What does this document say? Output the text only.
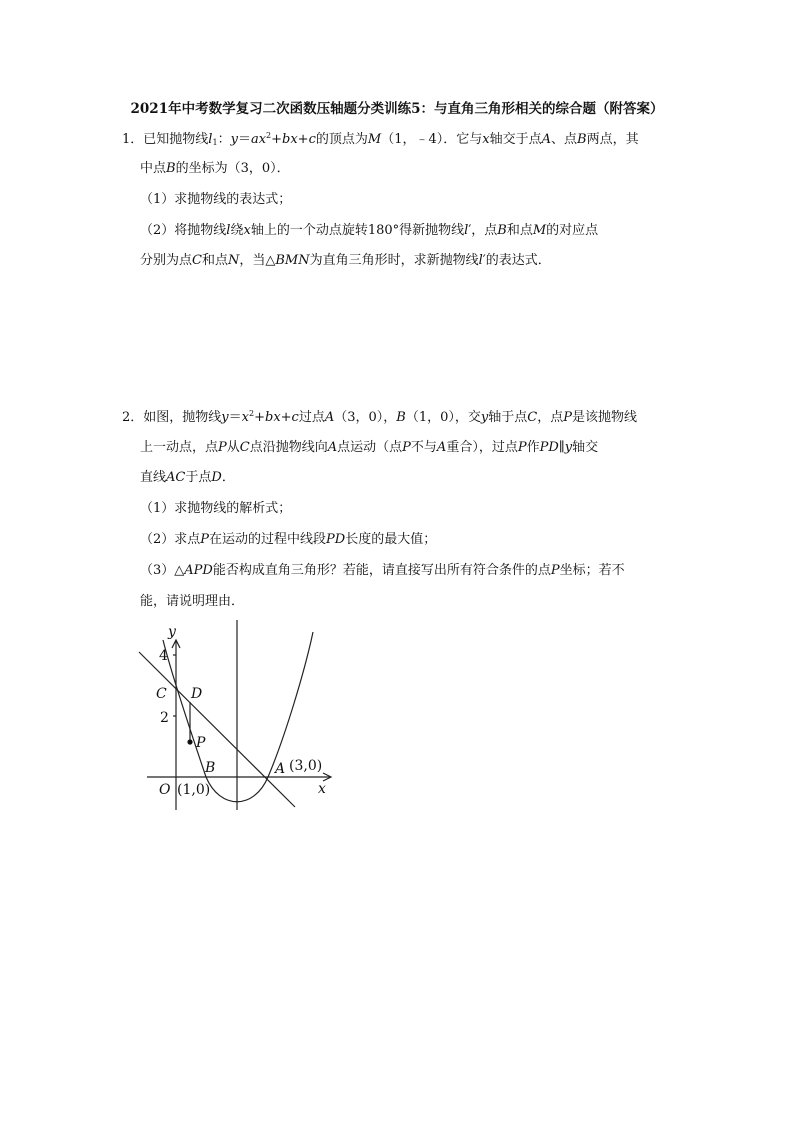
2021年中考数学复习二次函数压轴题分类训练5：与直角三角形相关的综合题（附答案）
1．已知抛物线$l_1$：$y=ax^2+bx+c$的顶点为M（1，﹣4）．它与x轴交于点A、点B两点，其
中点B的坐标为（3，0）．
（1）求抛物线的表达式；
（2）将抛物线l绕x轴上的一个动点旋转180°得新抛物线l′，点B和点M的对应点
分别为点C和点N，当△BMN为直角三角形时，求新抛物线l′的表达式．
2．如图，抛物线$y=x^2+bx+c$过点A（3，0），B（1，0），交y轴于点C，点P是该抛物线
上一动点，点P从C点沿抛物线向A点运动（点P不与A重合），过点P作PD∥y轴交
直线AC于点D．
（1）求抛物线的解析式；
（2）求点P在运动的过程中线段PD长度的最大值；
（3）△APD能否构成直角三角形？若能，请直接写出所有符合条件的点P坐标；若不
能，请说明理由．
y
4
C D
2
P
B	A (3,0)
O (1,0)	x
